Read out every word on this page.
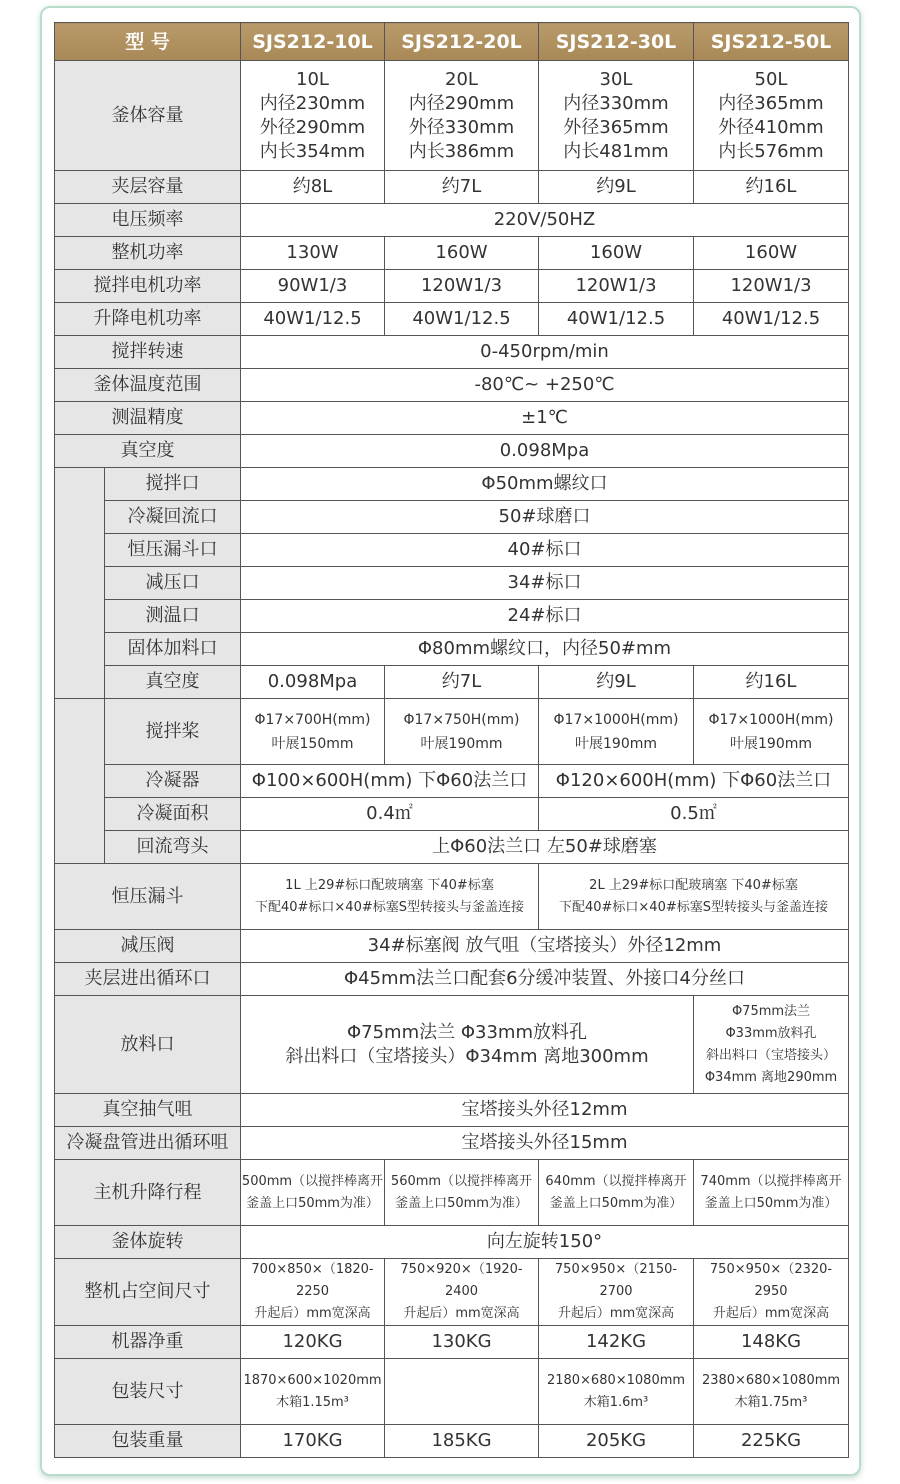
型 号		SJS212-10L	SJS212-20L	SJS212-30L	SJS212-50L
釜体容量		10L
内径230mm
外径290mm
内长354mm	20L
内径290mm
外径330mm
内长386mm	30L
内径330mm
外径365mm
内长481mm	50L
内径365mm
外径410mm
内长576mm

夹层容量		约8L	约7L	约9L	约16L
电压频率		220V/50HZ			
整机功率		130W	160W	160W	160W
搅拌电机功率		90W1/3	120W1/3	120W1/3	120W1/3
升降电机功率		40W1/12.5	40W1/12.5	40W1/12.5	40W1/12.5
搅拌转速		0-450rpm/min			
釜体温度范围		-80℃~ +250℃			
测温精度		±1℃			
真空度		0.098Mpa			
	搅拌口	Φ50mm螺纹口			
	冷凝回流口	50#球磨口			
	恒压漏斗口	40#标口			
	减压口	34#标口			
	测温口	24#标口			
	固体加料口	Φ80mm螺纹口，内径50#mm			
	真空度	0.098Mpa	约7L	约9L	约16L
	搅拌桨	Φ17×700H(mm)
叶展150mm	Φ17×750H(mm)
叶展190mm	Φ17×1000H(mm)
叶展190mm	Φ17×1000H(mm)
叶展190mm

	冷凝器	Φ100×600H(mm) 下Φ60法兰口		Φ120×600H(mm) 下Φ60法兰口	
	冷凝面积	0.4㎡		0.5㎡	
	回流弯头	上Φ60法兰口 左50#球磨塞			
恒压漏斗		1L 上29#标口配玻璃塞 下40#标塞
下配40#标口×40#标塞S型转接头与釜盖连接		2L 上29#标口配玻璃塞 下40#标塞
下配40#标口×40#标塞S型转接头与釜盖连接	

减压阀		34#标塞阀 放气咀（宝塔接头）外径12mm			
夹层进出循环口		Φ45mm法兰口配套6分缓冲装置、外接口4分丝口			
放料口		Φ75mm法兰 Φ33mm放料孔
斜出料口（宝塔接头）Φ34mm 离地300mm			Φ75mm法兰
Φ33mm放料孔
斜出料口（宝塔接头）
Φ34mm 离地290mm

真空抽气咀		宝塔接头外径12mm			
冷凝盘管进出循环咀		宝塔接头外径15mm			
主机升降行程		500mm（以搅拌棒离开
釜盖上口50mm为准）	560mm（以搅拌棒离开
釜盖上口50mm为准）	640mm（以搅拌棒离开
釜盖上口50mm为准）	740mm（以搅拌棒离开
釜盖上口50mm为准）

釜体旋转		向左旋转150°			
整机占空间尺寸		700×850×（1820-2250
升起后）mm宽深高	750×920×（1920-2400
升起后）mm宽深高	750×950×（2150-2700
升起后）mm宽深高	750×950×（2320-2950
升起后）mm宽深高

机器净重		120KG	130KG	142KG	148KG
包装尺寸		1870×600×1020mm
木箱1.15m³		2180×680×1080mm
木箱1.6m³	2380×680×1080mm
木箱1.75m³

包装重量		170KG	185KG	205KG	225KG
